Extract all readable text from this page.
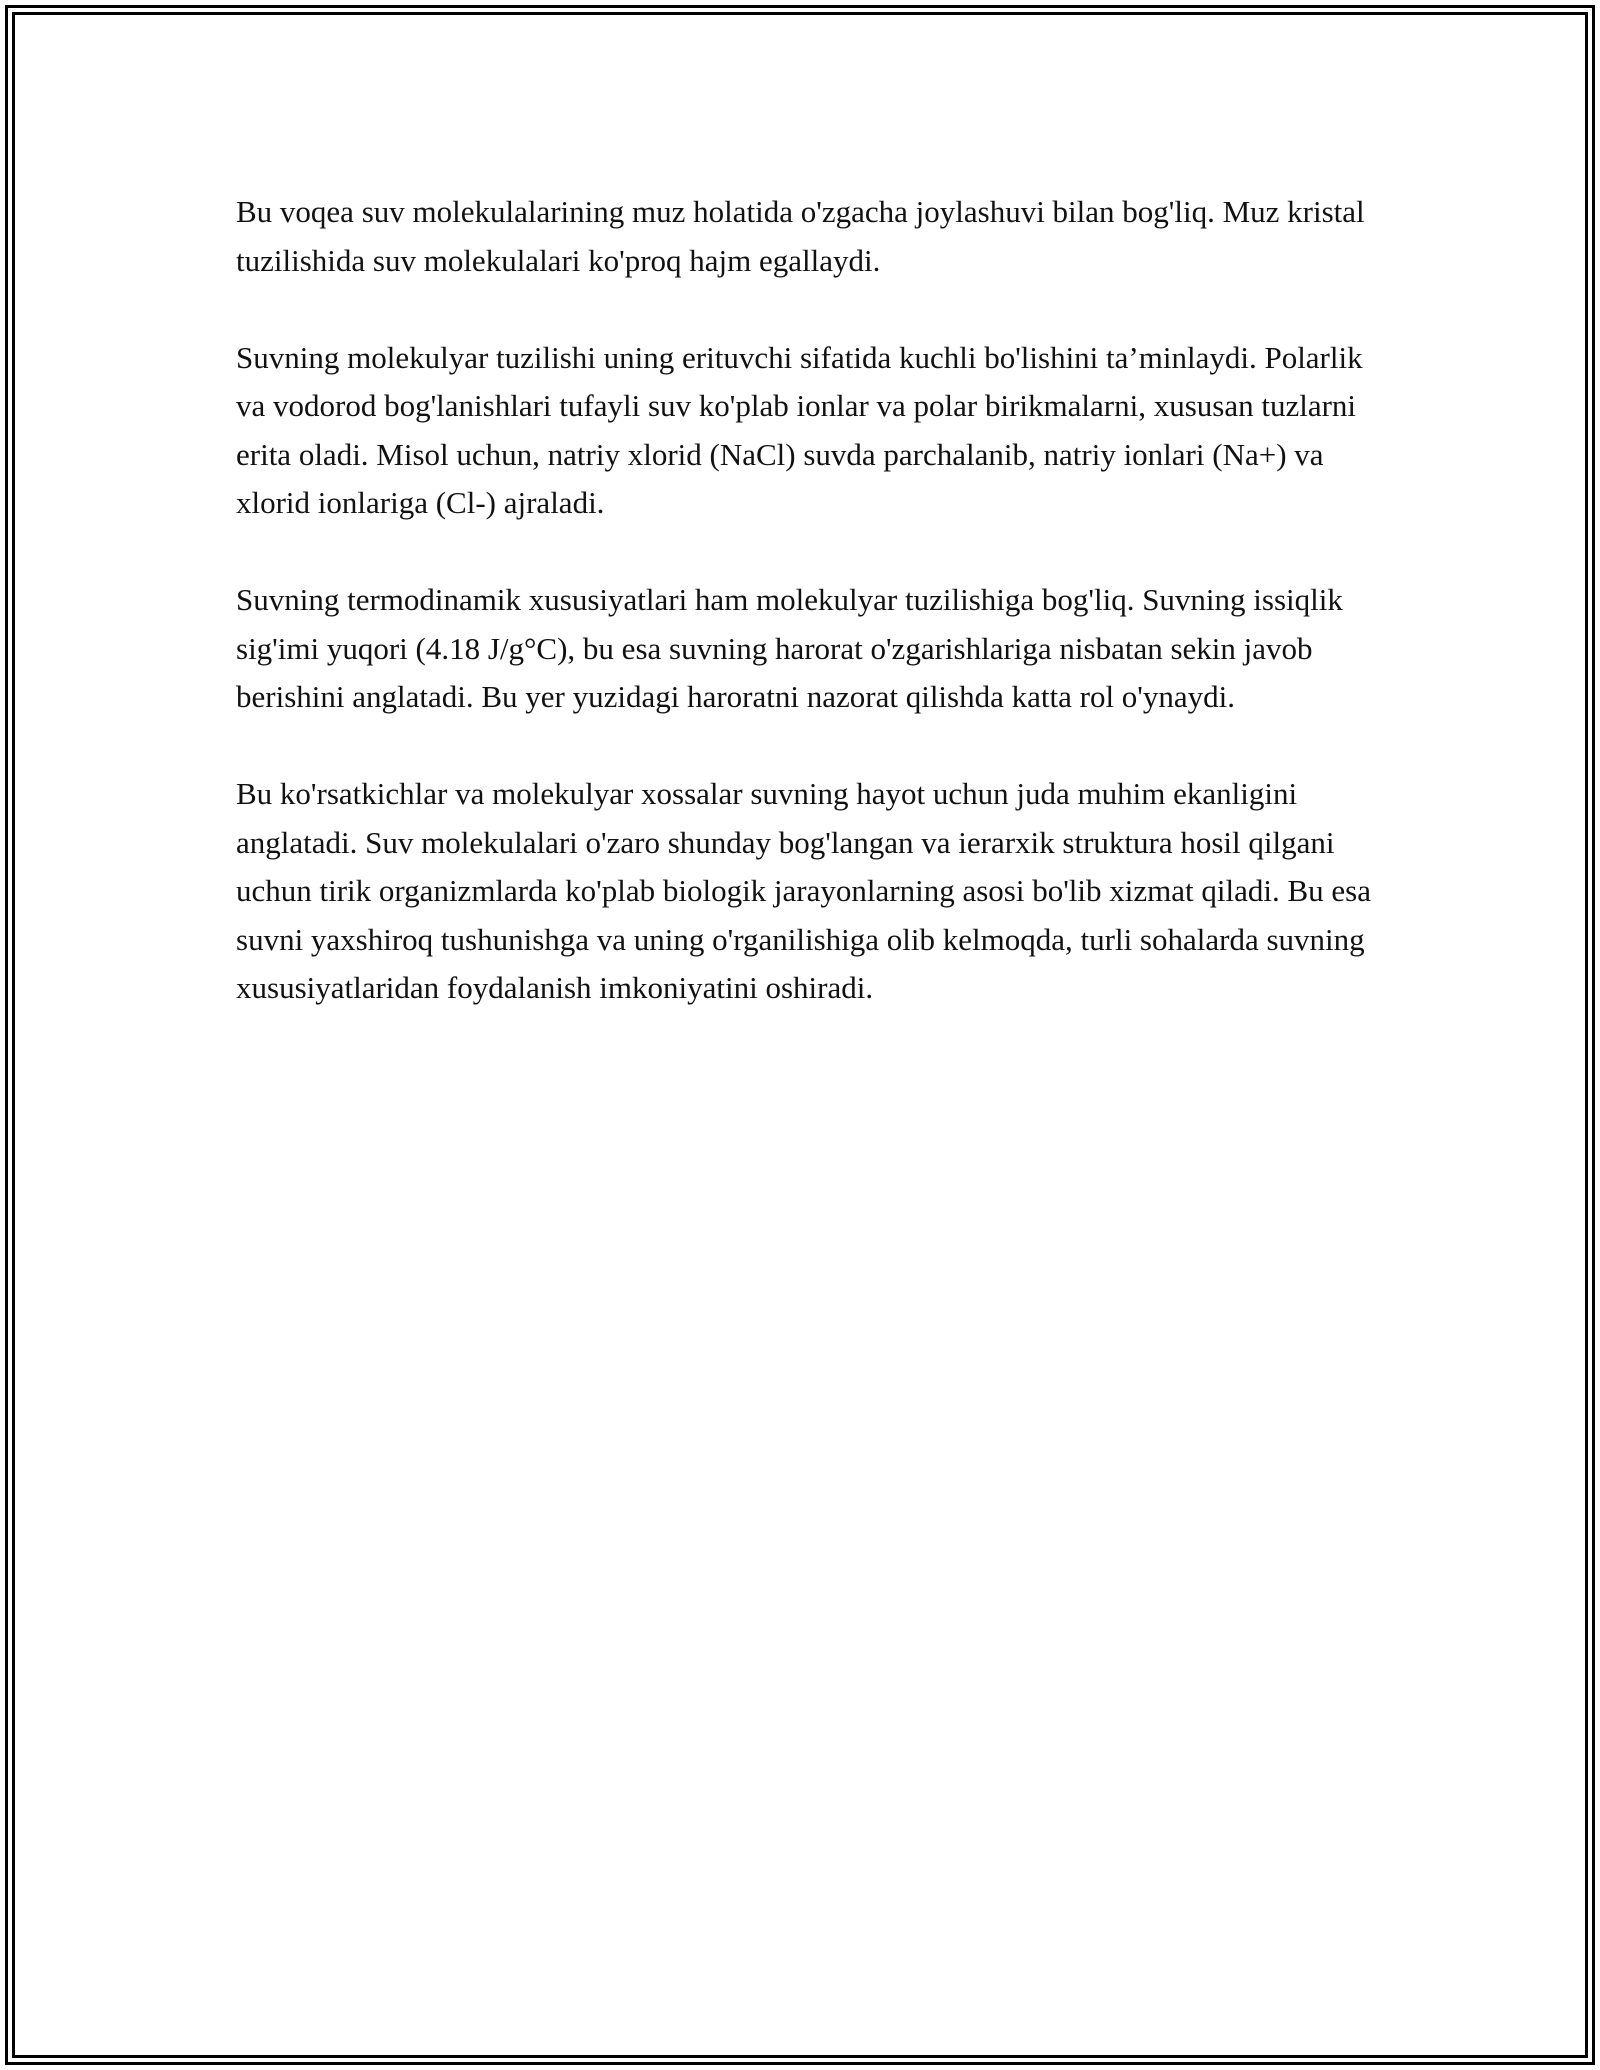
Bu voqea suv molekulalarining muz holatida o'zgacha joylashuvi bilan bog'liq. Muz kristal tuzilishida suv molekulalari ko'proq hajm egallaydi.

Suvning molekulyar tuzilishi uning erituvchi sifatida kuchli bo'lishini ta’minlaydi. Polarlik va vodorod bog'lanishlari tufayli suv ko'plab ionlar va polar birikmalarni, xususan tuzlarni erita oladi. Misol uchun, natriy xlorid (NaCl) suvda parchalanib, natriy ionlari (Na+) va xlorid ionlariga (Cl-) ajraladi.

Suvning termodinamik xususiyatlari ham molekulyar tuzilishiga bog'liq. Suvning issiqlik sig'imi yuqori (4.18 J/g°C), bu esa suvning harorat o'zgarishlariga nisbatan sekin javob berishini anglatadi. Bu yer yuzidagi haroratni nazorat qilishda katta rol o'ynaydi.

Bu ko'rsatkichlar va molekulyar xossalar suvning hayot uchun juda muhim ekanligini anglatadi. Suv molekulalari o'zaro shunday bog'langan va ierarxik struktura hosil qilgani uchun tirik organizmlarda ko'plab biologik jarayonlarning asosi bo'lib xizmat qiladi. Bu esa suvni yaxshiroq tushunishga va uning o'rganilishiga olib kelmoqda, turli sohalarda suvning xususiyatlaridan foydalanish imkoniyatini oshiradi.
